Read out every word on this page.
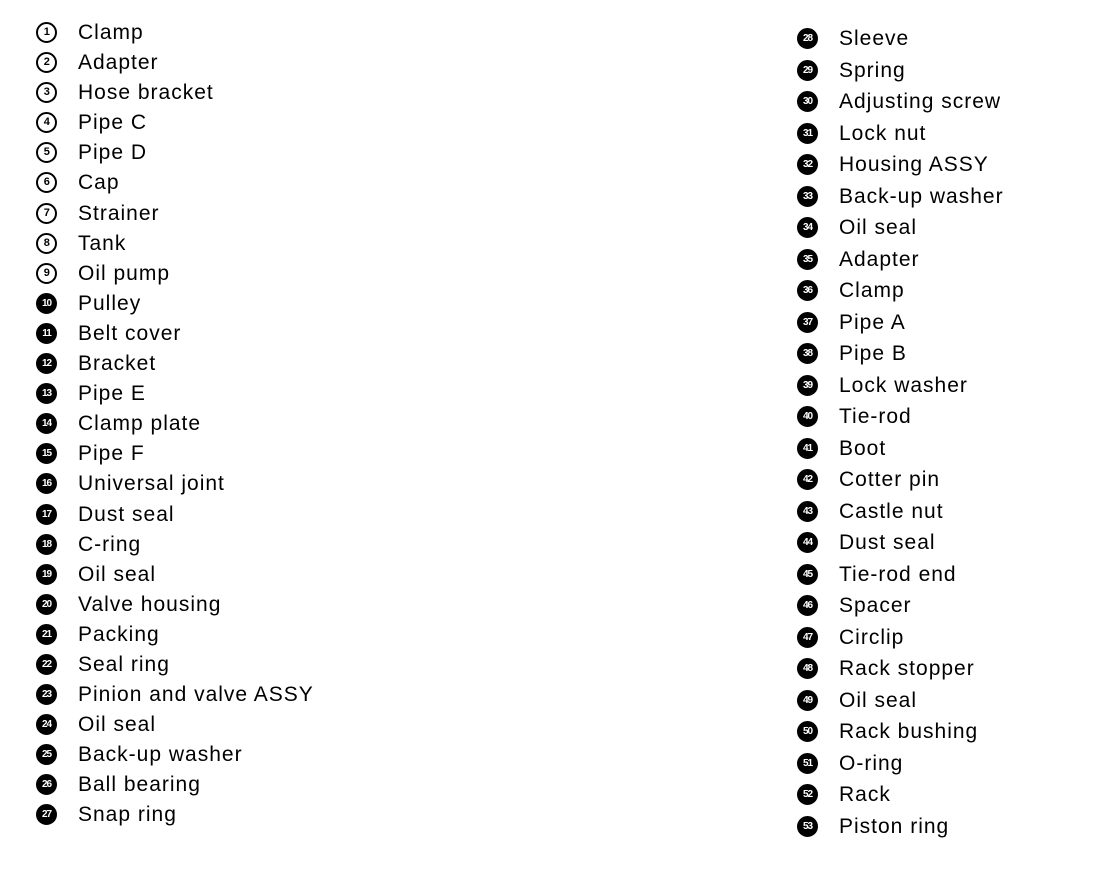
1	Clamp
2	Adapter
3	Hose bracket
4	Pipe C
5	Pipe D
6	Cap
7	Strainer
8	Tank
9	Oil pump
10 Pulley
11 Belt cover
12 Bracket
13 Pipe E
14 Clamp plate
15 Pipe F
16 Universal joint
17 Dust seal
18 C-ring
19 Oil seal
20 Valve housing
21 Packing
22 Seal ring
23 Pinion and valve ASSY
24 Oil seal
25 Back-up washer
26 Ball bearing
27 Snap ring
28 Sleeve
29 Spring
30 Adjusting screw
31 Lock nut
32 Housing ASSY
33 Back-up washer
34 Oil seal
35 Adapter
36 Clamp
37 Pipe A
38 Pipe B
39 Lock washer
40 Tie-rod
41 Boot
42 Cotter pin
43 Castle nut
44 Dust seal
45 Tie-rod end
46 Spacer
47 Circlip
48 Rack stopper
49 Oil seal
50 Rack bushing
51 O-ring
52 Rack
53 Piston ring
